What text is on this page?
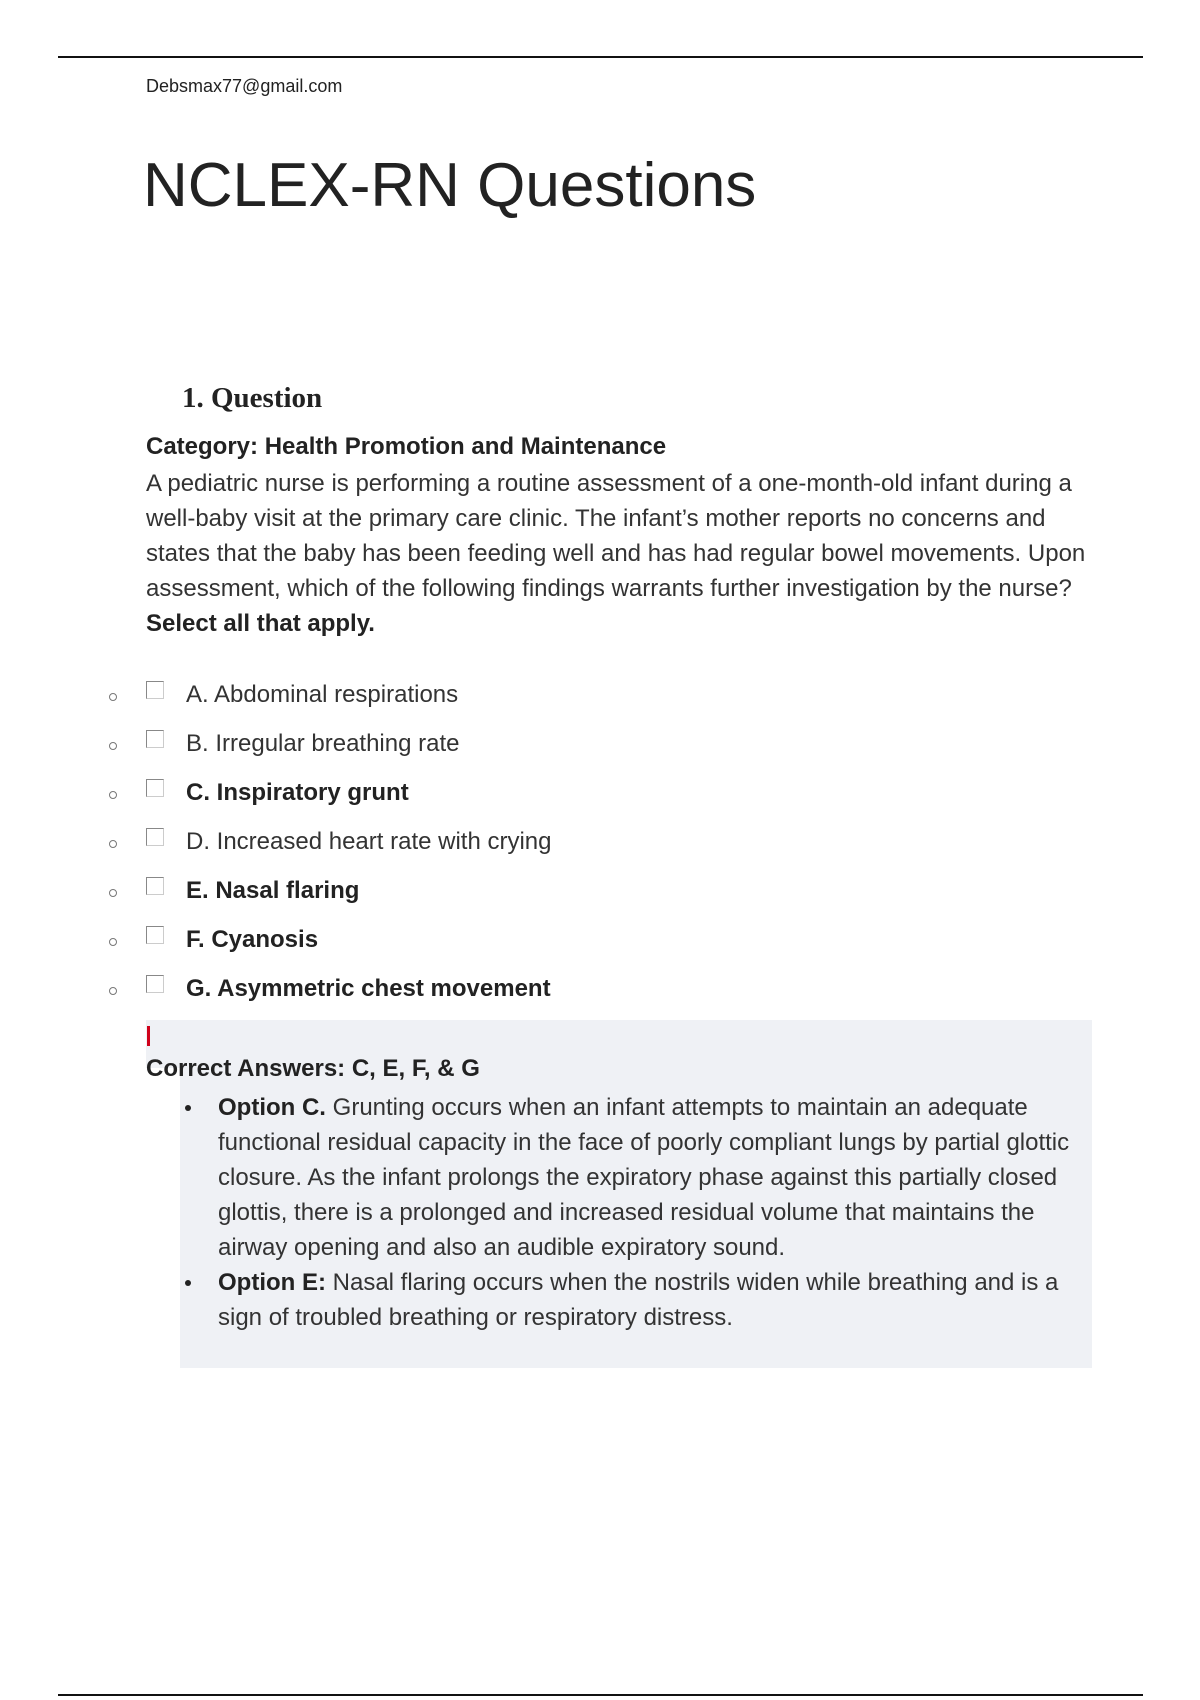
Debsmax77@gmail.com
NCLEX-RN Questions
1. Question
Category: Health Promotion and Maintenance
A pediatric nurse is performing a routine assessment of a one-month-old infant during a well-baby visit at the primary care clinic. The infant’s mother reports no concerns and states that the baby has been feeding well and has had regular bowel movements. Upon assessment, which of the following findings warrants further investigation by the nurse? Select all that apply.
A. Abdominal respirations
B. Irregular breathing rate
C. Inspiratory grunt
D. Increased heart rate with crying
E. Nasal flaring
F. Cyanosis
G. Asymmetric chest movement
Correct Answers: C, E, F, & G
Option C. Grunting occurs when an infant attempts to maintain an adequate functional residual capacity in the face of poorly compliant lungs by partial glottic closure. As the infant prolongs the expiratory phase against this partially closed glottis, there is a prolonged and increased residual volume that maintains the airway opening and also an audible expiratory sound.
Option E: Nasal flaring occurs when the nostrils widen while breathing and is a sign of troubled breathing or respiratory distress.
